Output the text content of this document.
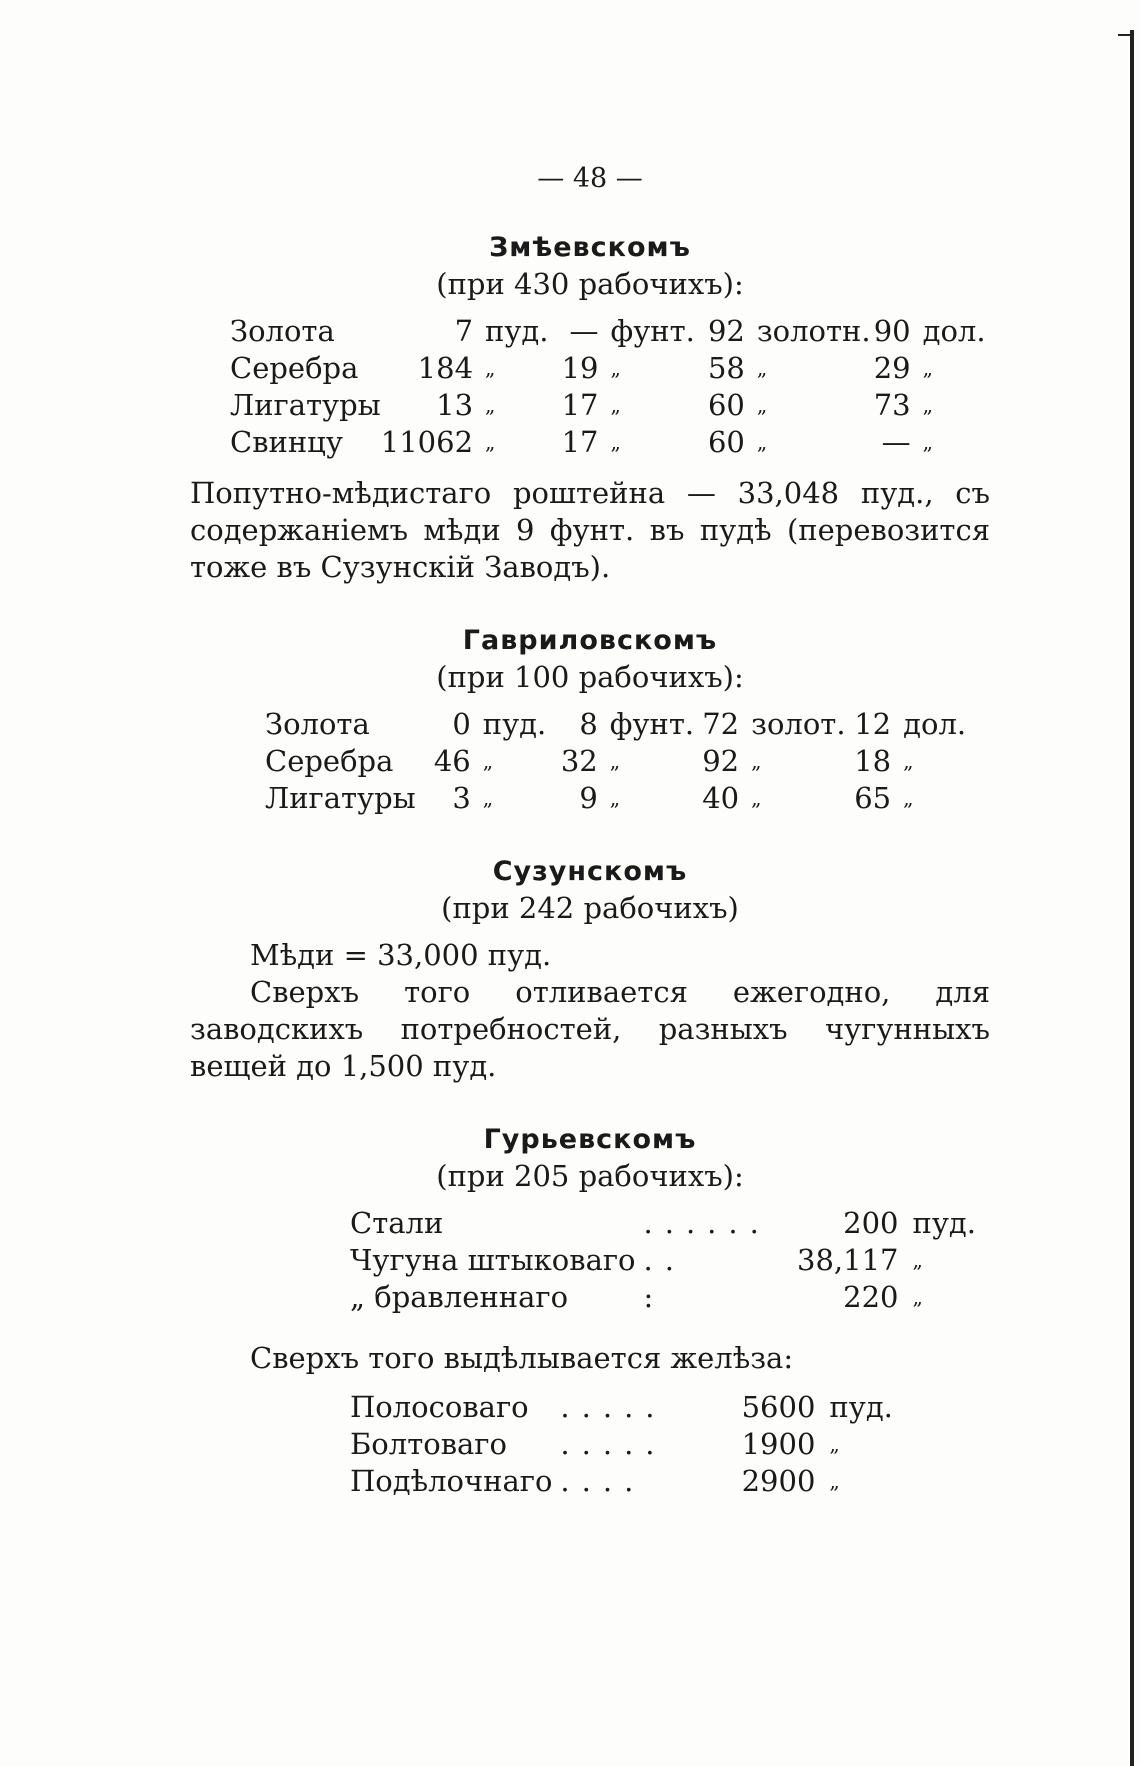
— 48 —
Змѣевскомъ
(при 430 рабочихъ):
Золота	7	пуд.	—	фунт.	92	золотн.	90	дол.
Серебра	184	„	19	„	58	„	29	„
Лигатуры	13	„	17	„	60	„	73	„
Свинцу	11062	„	17	„	60	„	—	„
Попутно-мѣдистаго роштейна — 33,048 пуд., съ содержаніемъ мѣди 9 фунт. въ пудѣ (перевозится тоже въ Сузунскій Заводъ).
Гавриловскомъ
(при 100 рабочихъ):
Золота	0	пуд.	8	фунт.	72	золот.	12	дол.
Серебра	46	„	32	„	92	„	18	„
Лигатуры	3	„	9	„	40	„	65	„
Сузунскомъ
(при 242 рабочихъ)
Мѣди = 33,000 пуд.
Сверхъ того отливается ежегодно, для заводскихъ потребностей, разныхъ чугунныхъ вещей до 1,500 пуд.
Гурьевскомъ
(при 205 рабочихъ):
Стали	......	200	пуд.
Чугуна штыковаго	..	38,117	„
„ бравленнаго	:	220	„
Сверхъ того выдѣлывается желѣза:
Полосоваго	.....	5600	пуд.
Болтоваго	.....	1900	„
Подѣлочнаго	....	2900	„
